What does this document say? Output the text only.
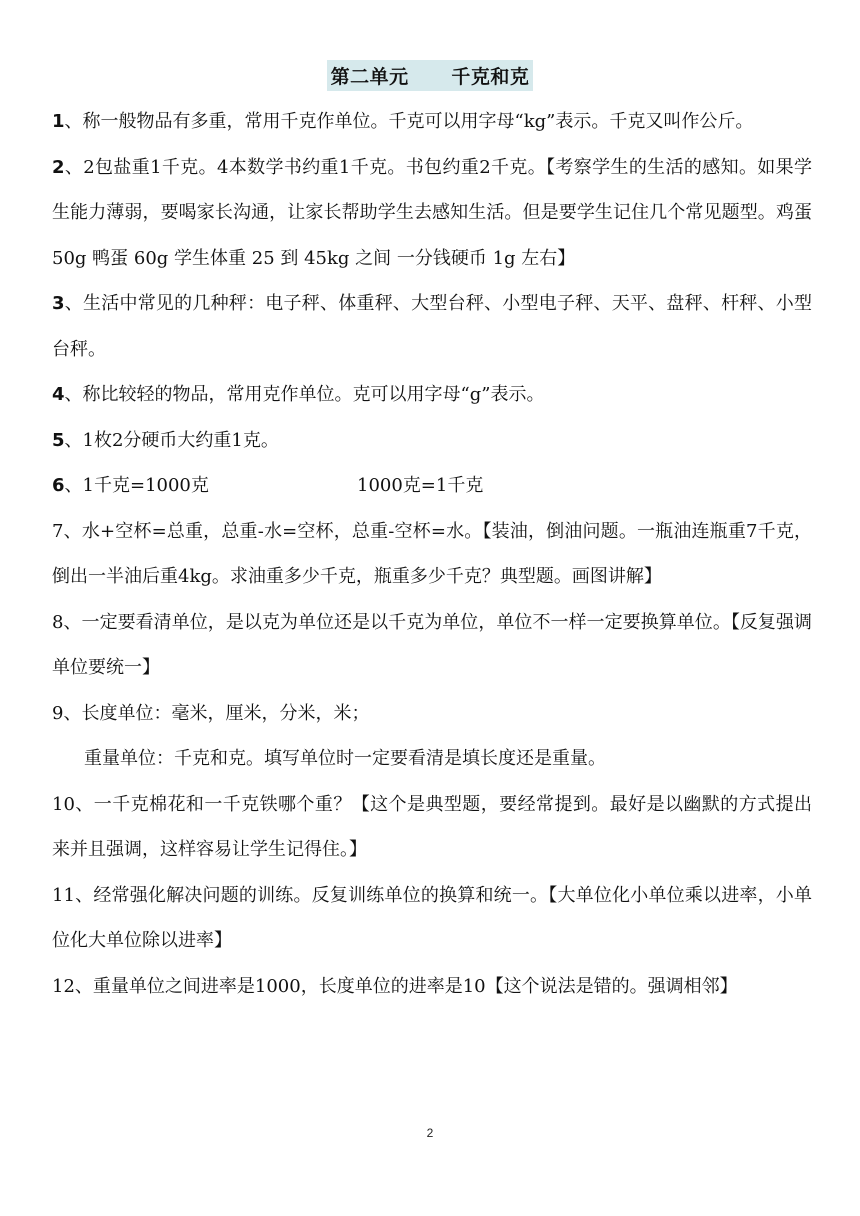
第二单元      千克和克

1、称一般物品有多重，常用千克作单位。千克可以用字母“kg”表示。千克又叫作公斤。

2、2包盐重1千克。4本数学书约重1千克。书包约重2千克。【考察学生的生活的感知。如果学生能力薄弱，要喝家长沟通，让家长帮助学生去感知生活。但是要学生记住几个常见题型。鸡蛋 50g 鸭蛋 60g 学生体重 25 到 45kg 之间 一分钱硬币 1g 左右】

3、生活中常见的几种秤：电子秤、体重秤、大型台秤、小型电子秤、天平、盘秤、杆秤、小型台秤。

4、称比较轻的物品，常用克作单位。克可以用字母“g”表示。

5、1枚2分硬币大约重1克。

6、1千克=1000克	1000克=1千克

7、水+空杯=总重，总重-水=空杯，总重-空杯=水。【装油，倒油问题。一瓶油连瓶重7千克，倒出一半油后重4kg。求油重多少千克，瓶重多少千克？典型题。画图讲解】

8、一定要看清单位，是以克为单位还是以千克为单位，单位不一样一定要换算单位。【反复强调单位要统一】

9、长度单位：毫米，厘米，分米，米；

重量单位：千克和克。填写单位时一定要看清是填长度还是重量。

10、一千克棉花和一千克铁哪个重？【这个是典型题，要经常提到。最好是以幽默的方式提出来并且强调，这样容易让学生记得住。】

11、经常强化解决问题的训练。反复训练单位的换算和统一。【大单位化小单位乘以进率，小单位化大单位除以进率】

12、重量单位之间进率是1000，长度单位的进率是10【这个说法是错的。强调相邻】

2
